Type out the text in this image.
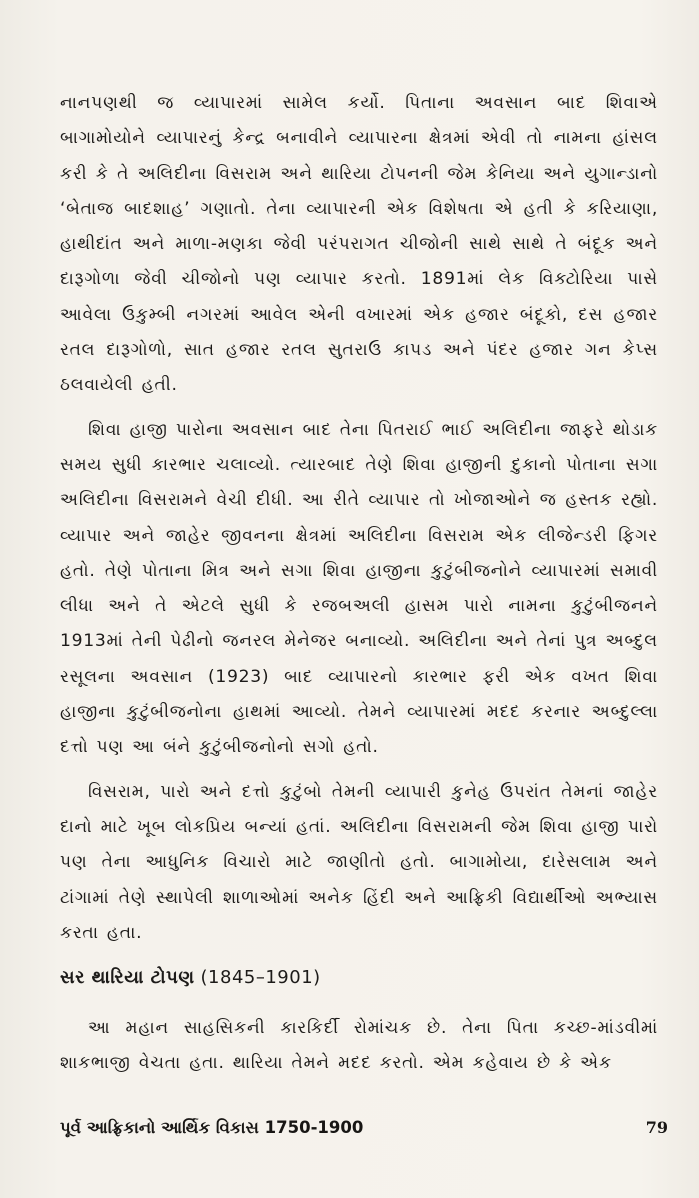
નાનપણથી જ વ્યાપારમાં સામેલ કર્યો. પિતાના અવસાન બાદ શિવાએ બાગામોયોને વ્યાપારનું કેન્દ્ર બનાવીને વ્યાપારના ક્ષેત્રમાં એવી તો નામના હાંસલ કરી કે તે અલિદીના વિસરામ અને થારિયા ટોપનની જેમ કેનિયા અને યુગાન્ડાનો ‘બેતાજ બાદશાહ’ ગણાતો. તેના વ્યાપારની એક વિશેષતા એ હતી કે કરિયાણા, હાથીદાંત અને માળા-મણકા જેવી પરંપરાગત ચીજોની સાથે સાથે તે બંદૂક અને દારૂગોળા જેવી ચીજોનો પણ વ્યાપાર કરતો. 1891માં લેક વિક્ટોરિયા પાસે આવેલા ઉકુમ્બી નગરમાં આવેલ એની વખારમાં એક હજાર બંદૂકો, દસ હજાર રતલ દારૂગોળો, સાત હજાર રતલ સુતરાઉ કાપડ અને પંદર હજાર ગન કેપ્સ ઠલવાયેલી હતી.

શિવા હાજી પારોના અવસાન બાદ તેના પિતરાઈ ભાઈ અલિદીના જાફરે થોડાક સમય સુધી કારભાર ચલાવ્યો. ત્યારબાદ તેણે શિવા હાજીની દુકાનો પોતાના સગા અલિદીના વિસરામને વેચી દીધી. આ રીતે વ્યાપાર તો ખોજાઓને જ હસ્તક રહ્યો. વ્યાપાર અને જાહેર જીવનના ક્ષેત્રમાં અલિદીના વિસરામ એક લીજેન્ડરી ફિગર હતો. તેણે પોતાના મિત્ર અને સગા શિવા હાજીના કુટુંબીજનોને વ્યાપારમાં સમાવી લીધા અને તે એટલે સુધી કે રજબઅલી હાસમ પારો નામના કુટુંબીજનને 1913માં તેની પેઢીનો જનરલ મેનેજર બનાવ્યો. અલિદીના અને તેનાં પુત્ર અબ્દુલ રસૂલના અવસાન (1923) બાદ વ્યાપારનો કારભાર ફરી એક વખત શિવા હાજીના કુટુંબીજનોના હાથમાં આવ્યો. તેમને વ્યાપારમાં મદદ કરનાર અબ્દુલ્લા દત્તો પણ આ બંને કુટુંબીજનોનો સગો હતો.

વિસરામ, પારો અને દત્તો કુટુંબો તેમની વ્યાપારી કુનેહ ઉપરાંત તેમનાં જાહેર દાનો માટે ખૂબ લોકપ્રિય બન્યાં હતાં. અલિદીના વિસરામની જેમ શિવા હાજી પારો પણ તેના આધુનિક વિચારો માટે જાણીતો હતો. બાગામોયા, દારેસલામ અને ટાંગામાં તેણે સ્થાપેલી શાળાઓમાં અનેક હિંદી અને આફ્રિકી વિદ્યાર્થીઓ અભ્યાસ કરતા હતા.

સર થારિયા ટોપણ (1845–1901)

આ મહાન સાહસિકની કારકિર્દી રોમાંચક છે. તેના પિતા કચ્છ-માંડવીમાં શાકભાજી વેચતા હતા. થારિયા તેમને મદદ કરતો. એમ કહેવાય છે કે એક

પૂર્વ આફ્રિકાનો આર્થિક વિકાસ 1750-1900	79
